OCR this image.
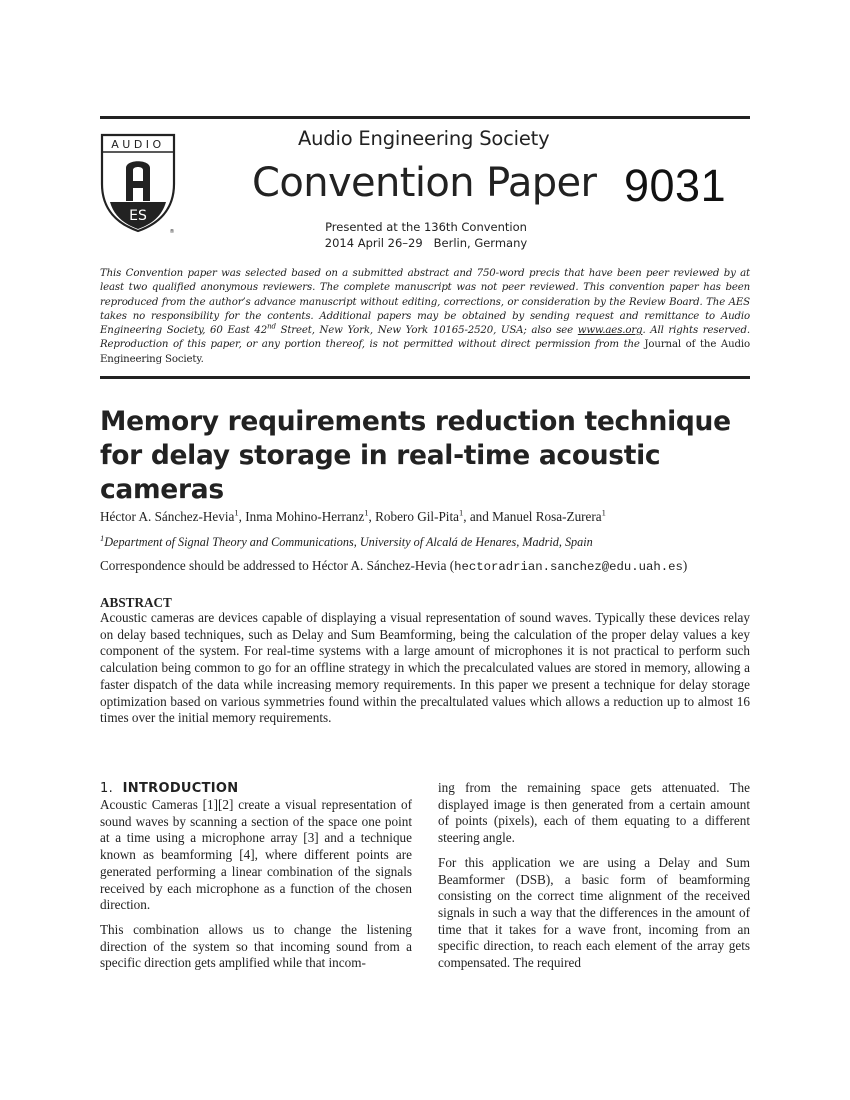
AUDIO
ES
®
Audio Engineering Society
Convention Paper 9031
Presented at the 136th Convention
2014 April 26–29   Berlin, Germany
This Convention paper was selected based on a submitted abstract and 750-word precis that have been peer reviewed by at least two qualified anonymous reviewers. The complete manuscript was not peer reviewed. This convention paper has been reproduced from the author’s advance manuscript without editing, corrections, or consideration by the Review Board. The AES takes no responsibility for the contents. Additional papers may be obtained by sending request and remittance to Audio Engineering Society, 60 East 42nd Street, New York, New York 10165-2520, USA; also see www.aes.org. All rights reserved. Reproduction of this paper, or any portion thereof, is not permitted without direct permission from the Journal of the Audio Engineering Society.
Memory requirements reduction technique for delay storage in real-time acoustic cameras
Héctor A. Sánchez-Hevia$^1$, Inma Mohino-Herranz$^1$, Robero Gil-Pita$^1$, and Manuel Rosa-Zurera$^1$
$^1$Department of Signal Theory and Communications, University of Alcalá de Henares, Madrid, Spain
Correspondence should be addressed to Héctor A. Sánchez-Hevia (hectoradrian.sanchez@edu.uah.es)
ABSTRACT
Acoustic cameras are devices capable of displaying a visual representation of sound waves. Typically these devices relay on delay based techniques, such as Delay and Sum Beamforming, being the calculation of the proper delay values a key component of the system. For real-time systems with a large amount of microphones it is not practical to perform such calculation being common to go for an offline strategy in which the precalculated values are stored in memory, allowing a faster dispatch of the data while increasing memory requirements. In this paper we present a technique for delay storage optimization based on various symmetries found within the precaltulated values which allows a reduction up to almost 16 times over the initial memory requirements.
1. INTRODUCTION

Acoustic Cameras [1][2] create a visual representation of sound waves by scanning a section of the space one point at a time using a microphone array [3] and a technique known as beamforming [4], where different points are generated performing a linear combination of the signals received by each microphone as a function of the chosen direction.

This combination allows us to change the listening direction of the system so that incoming sound from a specific direction gets amplified while that incom-

ing from the remaining space gets attenuated. The displayed image is then generated from a certain amount of points (pixels), each of them equating to a different steering angle.

For this application we are using a Delay and Sum Beamformer (DSB), a basic form of beamforming consisting on the correct time alignment of the received signals in such a way that the differences in the amount of time that it takes for a wave front, incoming from an specific direction, to reach each element of the array gets compensated. The required
